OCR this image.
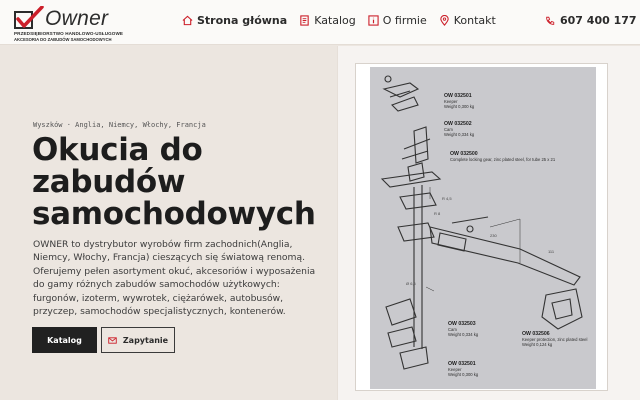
Owner
PRZEDSIĘBIORSTWO HANDLOWO-USŁUGOWE
AKCESORIA DO ZABUDÓW SAMOCHODOWYCH
Strona główna Katalog O firmie Kontakt	607 400 177
Wyszków · Anglia, Niemcy, Włochy, Francja
Okucia do zabudów samochodowych

OWNER to dystrybutor wyrobów firm zachodnich(Anglia, Niemcy, Włochy, Francja) cieszących się światową renomą. Oferujemy pełen asortyment okuć, akcesoriów i wyposażenia do gamy różnych zabudów samochodów użytkowych: furgonów, izoterm, wywrotek, ciężarówek, autobusów, przyczep, samochodów specjalistycznych, kontenerów.

Katalog	Zapytanie
R 4,5
R 8
230
Ø 6,6
111
OW 032501
Keeper
Weight 0,300 kg
OW 032502
Cam
Weight 0,334 kg
OW 032500
Complete locking gear, zinc plated steel, for tube 25 x 21
OW 032503
Cam
Weight 0,334 kg	OW 032506
Keeper protection, zinc plated steel
Weight 0,124 kg
OW 032501
Keeper
Weight 0,300 kg
